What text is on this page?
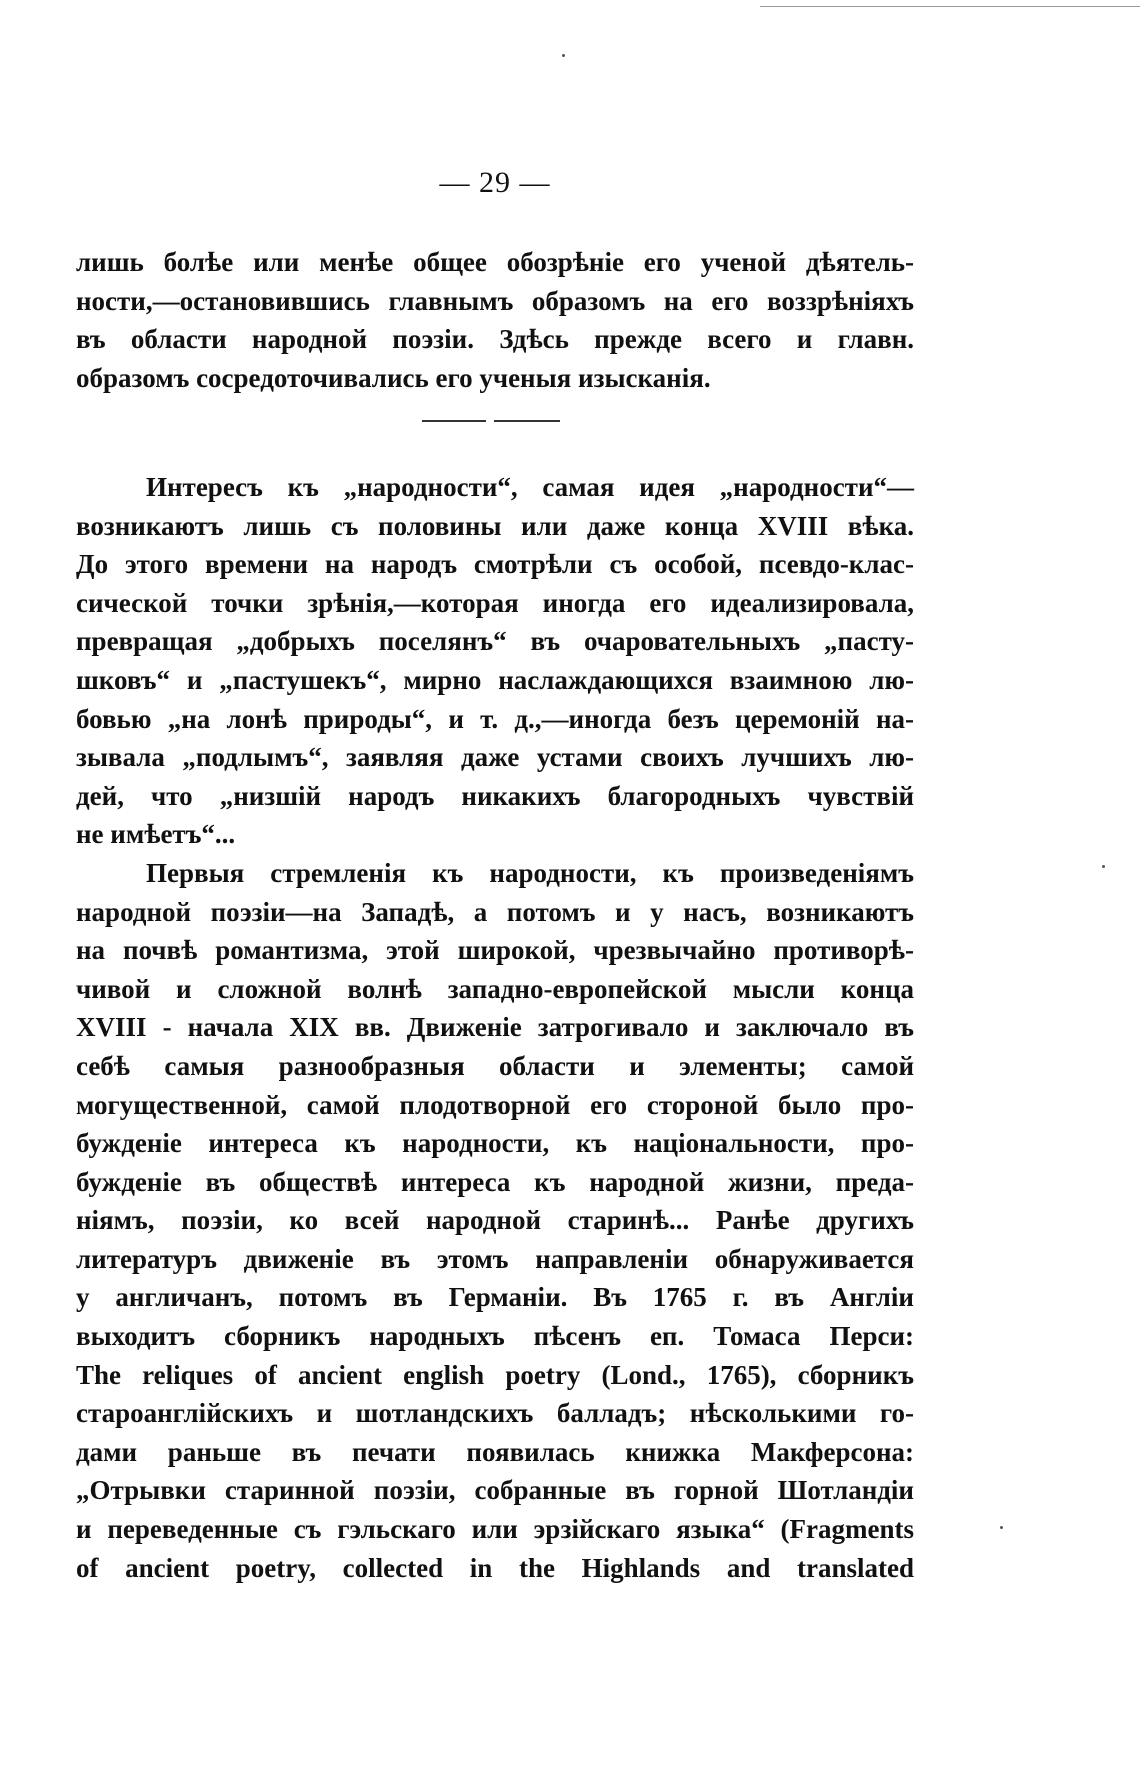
— 29 —

лишь болѣе или менѣе общее обозрѣніе его ученой дѣятель-
ности,—остановившись главнымъ образомъ на его воззрѣніяхъ
въ области народной поэзіи. Здѣсь прежде всего и главн.
образомъ сосредоточивались его ученыя изысканія.

Интересъ къ „народности“, самая идея „народности“—
возникаютъ лишь съ половины или даже конца XVIII вѣка.
До этого времени на народъ смотрѣли съ особой, псевдо-клас-
сической точки зрѣнія,—которая иногда его идеализировала,
превращая „добрыхъ поселянъ“ въ очаровательныхъ „пасту-
шковъ“ и „пастушекъ“, мирно наслаждающихся взаимною лю-
бовью „на лонѣ природы“, и т. д.,—иногда безъ церемоній на-
зывала „подлымъ“, заявляя даже устами своихъ лучшихъ лю-
дей, что „низшій народъ никакихъ благородныхъ чувствій
не имѣетъ“...

Первыя стремленія къ народности, къ произведеніямъ
народной поэзіи—на Западѣ, а потомъ и у насъ, возникаютъ
на почвѣ романтизма, этой широкой, чрезвычайно противорѣ-
чивой и сложной волнѣ западно-европейской мысли конца
XVIII - начала XIX вв. Движеніе затрогивало и заключало въ
себѣ самыя разнообразныя области и элементы; самой
могущественной, самой плодотворной его стороной было про-
бужденіе интереса къ народности, къ національности, про-
бужденіе въ обществѣ интереса къ народной жизни, преда-
ніямъ, поэзіи, ко всей народной старинѣ... Ранѣе другихъ
литературъ движеніе въ этомъ направленіи обнаруживается
у англичанъ, потомъ въ Германіи. Въ 1765 г. въ Англіи
выходитъ сборникъ народныхъ пѣсенъ еп. Томаса Перси:
The reliques of ancient english poetry (Lond., 1765), сборникъ
староанглійскихъ и шотландскихъ балладъ; нѣсколькими го-
дами раньше въ печати появилась книжка Макферсона:
„Отрывки старинной поэзіи, собранные въ горной Шотландіи
и переведенные съ гэльскаго или эрзійскаго языка“ (Fragments
of ancient poetry, collected in the Highlands and translated
